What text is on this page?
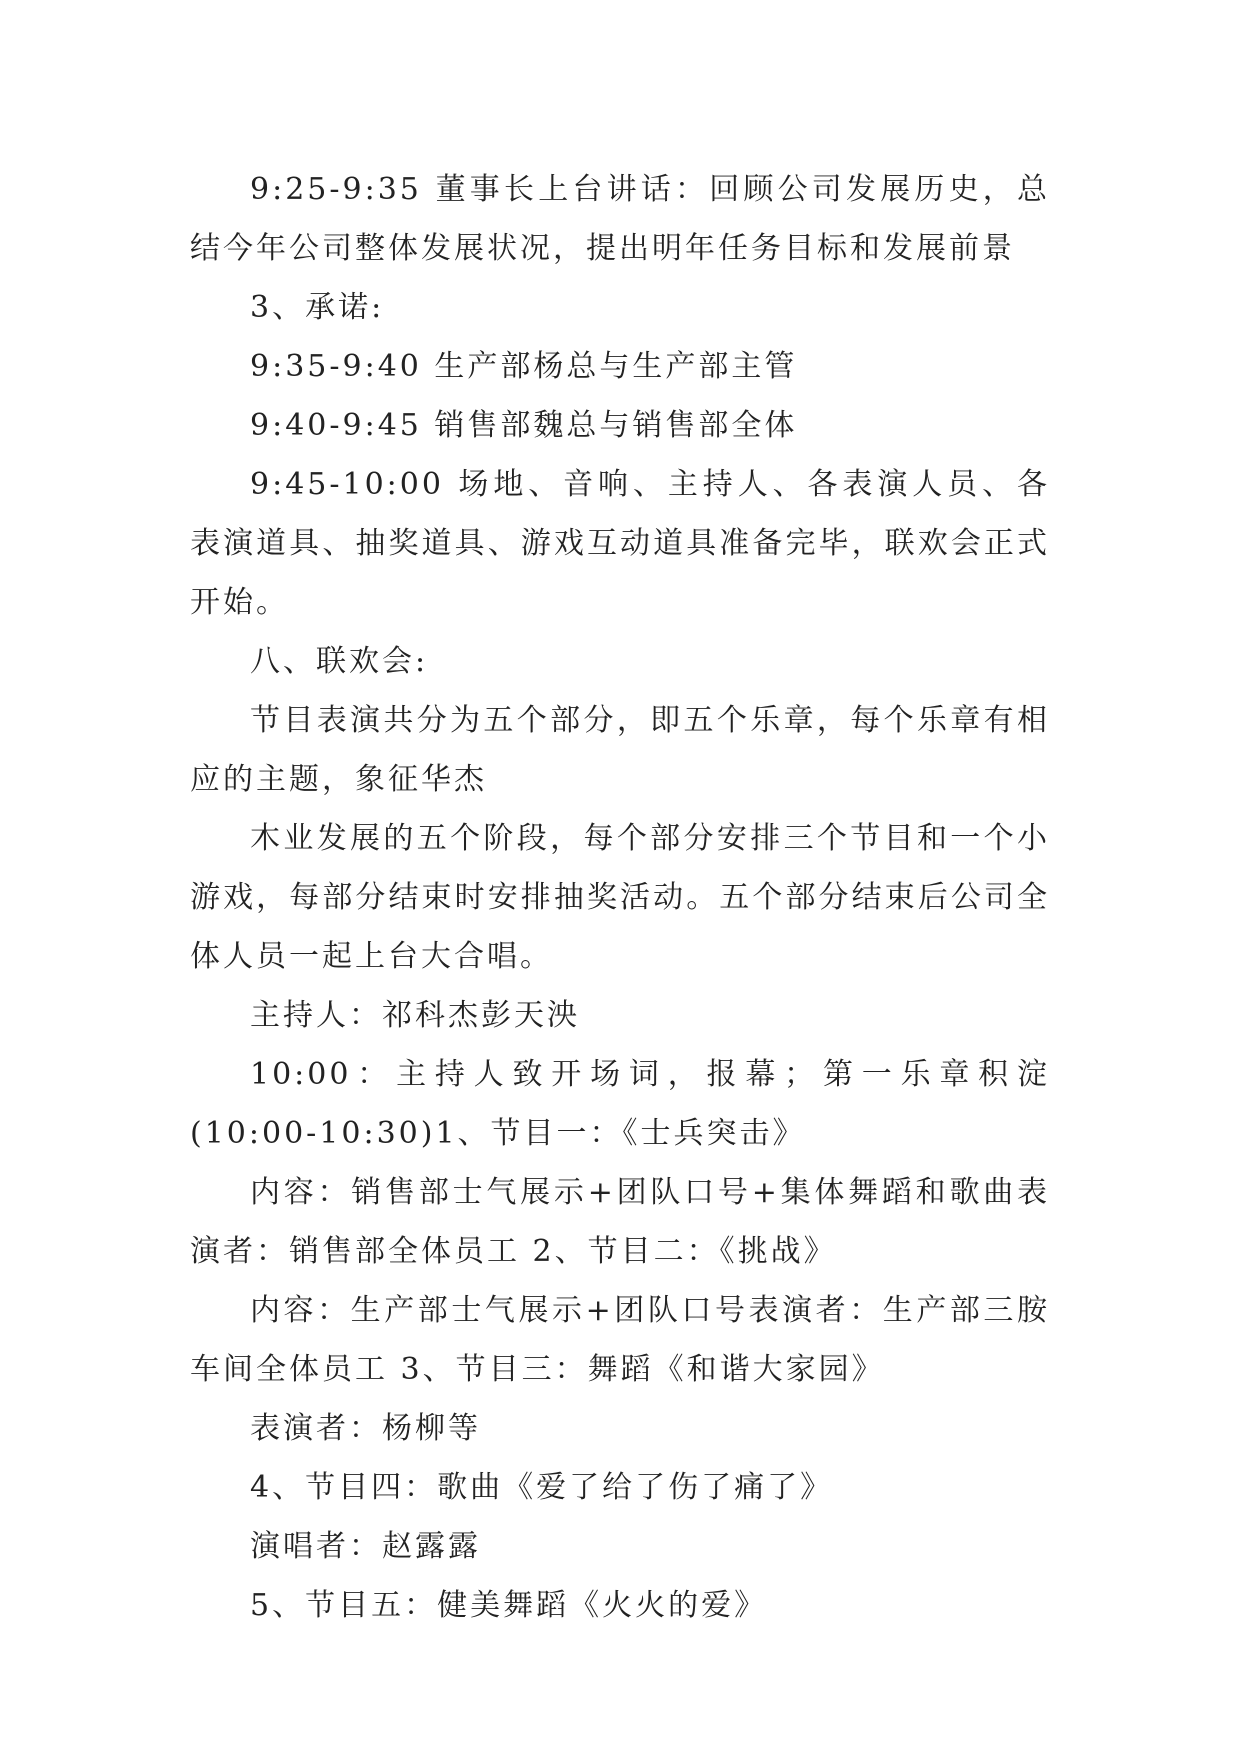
9:25-9:35 董事长上台讲话：回顾公司发展历史，总结今年公司整体发展状况，提出明年任务目标和发展前景

3、承诺:

9:35-9:40 生产部杨总与生产部主管

9:40-9:45 销售部魏总与销售部全体

9:45-10:00 场地、音响、主持人、各表演人员、各表演道具、抽奖道具、游戏互动道具准备完毕，联欢会正式开始。

八、联欢会:

节目表演共分为五个部分，即五个乐章，每个乐章有相应的主题，象征华杰

木业发展的五个阶段，每个部分安排三个节目和一个小游戏，每部分结束时安排抽奖活动。五个部分结束后公司全体人员一起上台大合唱。

主持人：祁科杰彭天泱

10:00：主持人致开场词，报幕；第一乐章积淀(10:00-10:30)1、节目一：《士兵突击》

内容：销售部士气展示+团队口号+集体舞蹈和歌曲表演者：销售部全体员工 2、节目二：《挑战》

内容：生产部士气展示+团队口号表演者：生产部三胺车间全体员工 3、节目三：舞蹈《和谐大家园》

表演者：杨柳等

4、节目四：歌曲《爱了给了伤了痛了》

演唱者：赵露露

5、节目五：健美舞蹈《火火的爱》
